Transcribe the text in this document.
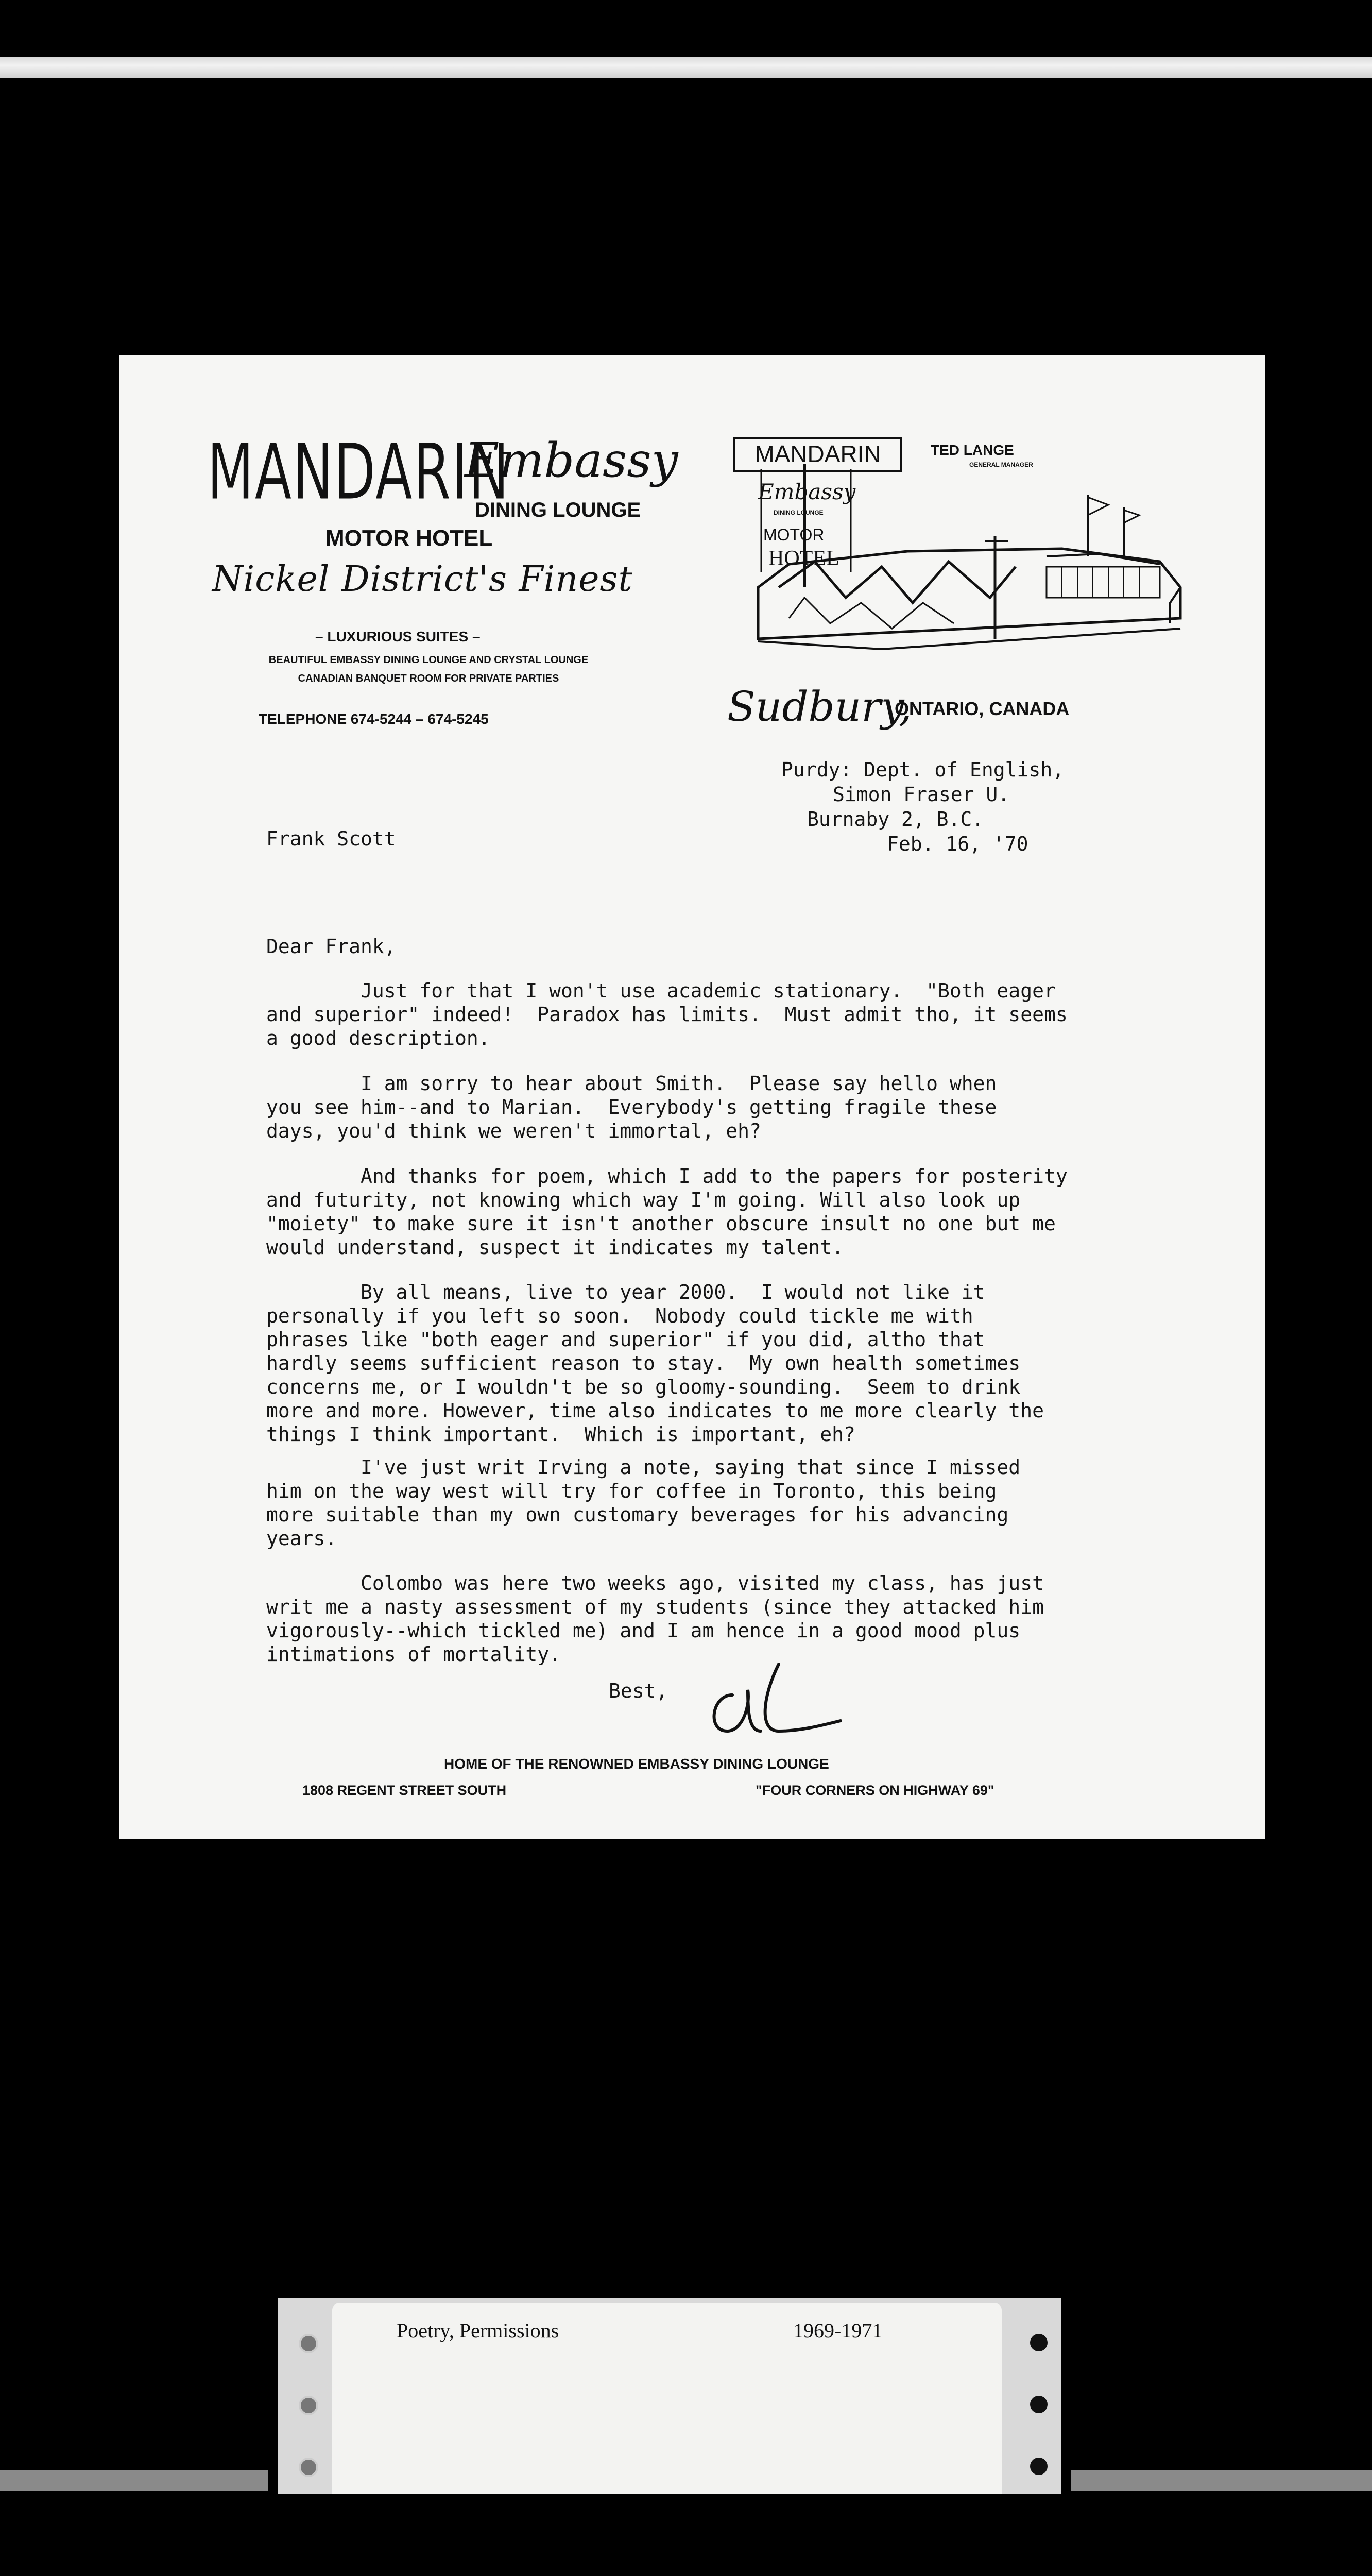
MANDARIN
Embassy
DINING LOUNGE
MOTOR HOTEL
Nickel District's Finest
– LUXURIOUS SUITES –
BEAUTIFUL EMBASSY DINING LOUNGE AND CRYSTAL LOUNGE
CANADIAN BANQUET ROOM FOR PRIVATE PARTIES
TELEPHONE 674-5244 – 674-5245
MANDARIN
Embassy
DINING LOUNGE
MOTOR
HOTEL
TED LANGE
GENERAL MANAGER
Sudbury,
ONTARIO, CANADA
Purdy: Dept. of English,
Simon Fraser U.
Burnaby 2, B.C.
Feb. 16, '70
Frank Scott
Dear Frank,
Just for that I won't use academic stationary.  "Both eager
and superior" indeed!  Paradox has limits.  Must admit tho, it seems
a good description.
I am sorry to hear about Smith.  Please say hello when
you see him--and to Marian.  Everybody's getting fragile these
days, you'd think we weren't immortal, eh?
And thanks for poem, which I add to the papers for posterity
and futurity, not knowing which way I'm going. Will also look up
"moiety" to make sure it isn't another obscure insult no one but me
would understand, suspect it indicates my talent.
By all means, live to year 2000.  I would not like it
personally if you left so soon.  Nobody could tickle me with
phrases like "both eager and superior" if you did, altho that
hardly seems sufficient reason to stay.  My own health sometimes
concerns me, or I wouldn't be so gloomy-sounding.  Seem to drink
more and more. However, time also indicates to me more clearly the
things I think important.  Which is important, eh?
I've just writ Irving a note, saying that since I missed
him on the way west will try for coffee in Toronto, this being
more suitable than my own customary beverages for his advancing
years.
Colombo was here two weeks ago, visited my class, has just
writ me a nasty assessment of my students (since they attacked him
vigorously--which tickled me) and I am hence in a good mood plus
intimations of mortality.
Best,
HOME OF THE RENOWNED EMBASSY DINING LOUNGE
1808 REGENT STREET SOUTH	"FOUR CORNERS ON HIGHWAY 69"
Poetry, Permissions	1969-1971
